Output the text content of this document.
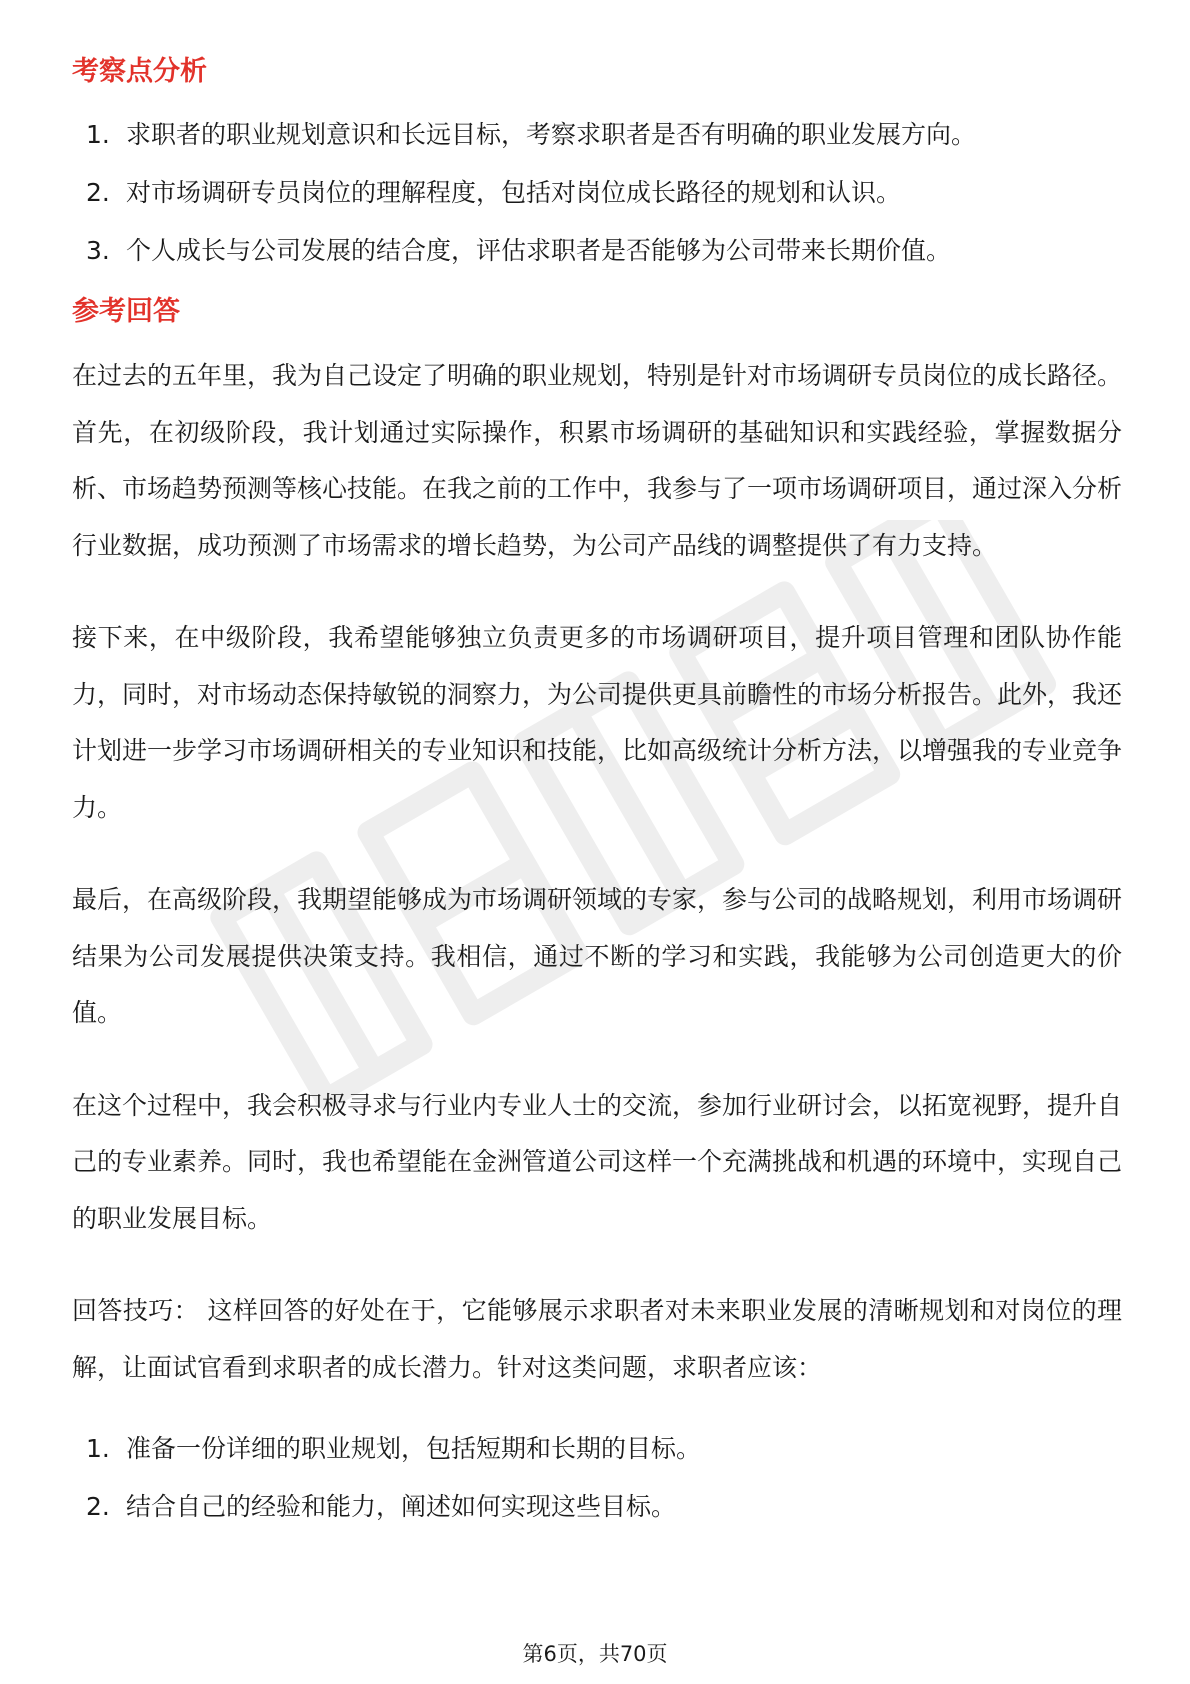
考察点分析
1. 求职者的职业规划意识和长远目标，考察求职者是否有明确的职业发展方向。
2. 对市场调研专员岗位的理解程度，包括对岗位成长路径的规划和认识。
3. 个人成长与公司发展的结合度，评估求职者是否能够为公司带来长期价值。
参考回答

在过去的五年里，我为自己设定了明确的职业规划，特别是针对市场调研专员岗位的成长路径。首先，在初级阶段，我计划通过实际操作，积累市场调研的基础知识和实践经验，掌握数据分析、市场趋势预测等核心技能。在我之前的工作中，我参与了一项市场调研项目，通过深入分析行业数据，成功预测了市场需求的增长趋势，为公司产品线的调整提供了有力支持。

接下来，在中级阶段，我希望能够独立负责更多的市场调研项目，提升项目管理和团队协作能力，同时，对市场动态保持敏锐的洞察力，为公司提供更具前瞻性的市场分析报告。此外，我还计划进一步学习市场调研相关的专业知识和技能，比如高级统计分析方法，以增强我的专业竞争力。

最后，在高级阶段，我期望能够成为市场调研领域的专家，参与公司的战略规划，利用市场调研结果为公司发展提供决策支持。我相信，通过不断的学习和实践，我能够为公司创造更大的价值。

在这个过程中，我会积极寻求与行业内专业人士的交流，参加行业研讨会，以拓宽视野，提升自己的专业素养。同时，我也希望能在金洲管道公司这样一个充满挑战和机遇的环境中，实现自己的职业发展目标。

回答技巧： 这样回答的好处在于，它能够展示求职者对未来职业发展的清晰规划和对岗位的理解，让面试官看到求职者的成长潜力。针对这类问题，求职者应该：

1. 准备一份详细的职业规划，包括短期和长期的目标。
2. 结合自己的经验和能力，阐述如何实现这些目标。
第6页，共70页
